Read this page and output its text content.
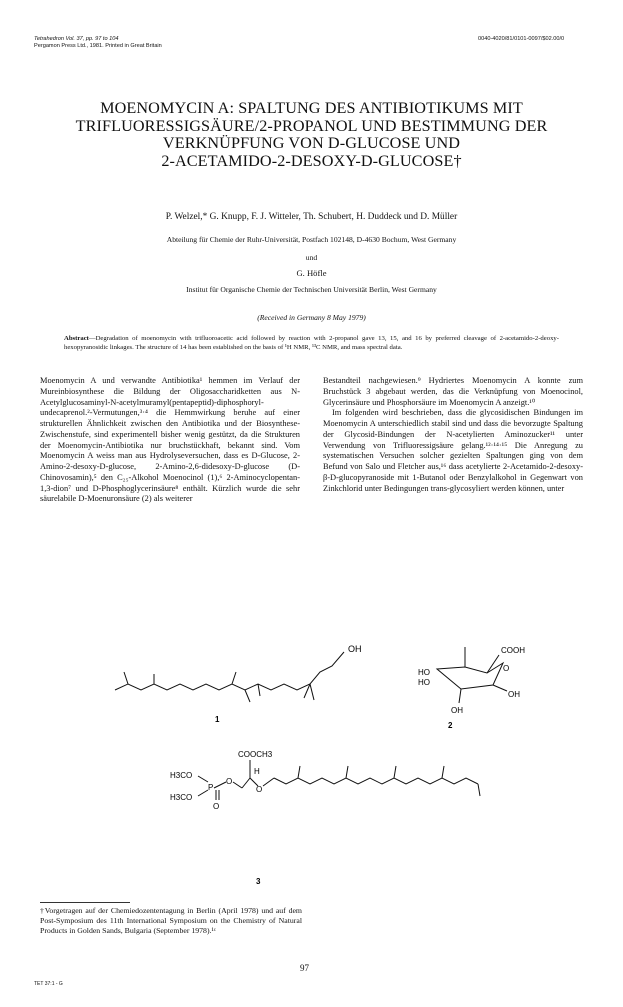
Tetrahedron Vol. 37, pp. 97 to 104
Pergamon Press Ltd., 1981. Printed in Great Britain
0040-4020/81/0101-0097/$02.00/0
MOENOMYCIN A: SPALTUNG DES ANTIBIOTIKUMS MIT
TRIFLUORESSIGSÄURE/2-PROPANOL UND BESTIMMUNG DER
VERKNÜPFUNG VON D-GLUCOSE UND
2-ACETAMIDO-2-DESOXY-D-GLUCOSE†
P. Welzel,* G. Knupp, F. J. Witteler, Th. Schubert, H. Duddeck und D. Müller
Abteilung für Chemie der Ruhr-Universität, Postfach 102148, D-4630 Bochum, West Germany
und
G. Höfle
Institut für Organische Chemie der Technischen Universität Berlin, West Germany
(Received in Germany 8 May 1979)
Abstract—Degradation of moenomycin with trifluoroacetic acid followed by reaction with 2-propanol gave 13, 15, and 16 by preferred cleavage of 2-acetamido-2-deoxy-hexopyranosidic linkages. The structure of 14 has been established on the basis of ¹H NMR, ¹³C NMR, and mass spectral data.

Moenomycin A und verwandte Antibiotika¹ hemmen im Verlauf der Mureinbiosynthese die Bildung der Oligosaccharidketten aus N-Acetylglucosaminyl-N-acetylmuramyl(pentapeptid)-diphosphoryl-undecaprenol.²-Vermutungen,³·⁴ die Hemmwirkung beruhe auf einer strukturellen Ähnlichkeit zwischen den Antibiotika und der Biosynthese-Zwischenstufe, sind experimentell bisher wenig gestützt, da die Strukturen der Moenomycin-Antibiotika nur bruchstückhaft, bekannt sind. Vom Moenomycin A weiss man aus Hydrolyseversuchen, dass es D-Glucose, 2-Amino-2-desoxy-D-glucose, 2-Amino-2,6-didesoxy-D-glucose (D-Chinovosamin),⁵ den C₂₅-Alkohol Moenocinol (1),⁶ 2-Aminocyclopentan-1,3-dion⁷ und D-Phosphoglycerinsäure⁸ enthält. Kürzlich wurde die sehr säurelabile D-Moenuronsäure (2) als weiterer

Bestandteil nachgewiesen.⁹ Hydriertes Moenomycin A konnte zum Bruchstück 3 abgebaut werden, das die Verknüpfung von Moenocinol, Glycerinsäure und Phosphorsäure im Moenomycin A anzeigt.¹⁰

Im folgenden wird beschrieben, dass die glycosidischen Bindungen im Moenomycin A unterschiedlich stabil sind und dass die bevorzugte Spaltung der Glycosid-Bindungen der N-acetylierten Aminozucker¹¹ unter Verwendung von Trifluoressigsäure gelang.¹²·¹⁴·¹⁵ Die Anregung zu systematischen Versuchen solcher gezielten Spaltungen ging von dem Befund von Salo und Fletcher aus,¹⁶ dass acetylierte 2-Acetamido-2-desoxy-β-D-glucopyranoside mit 1-Butanol oder Benzylalkohol in Gegenwart von Zinkchlorid unter Bedingungen trans-glycosyliert werden können, unter

OH
1
COOH
O
HO
HO
OH
OH
2
COOCH3
H3CO
H3CO
P
O
O
O
H
3
†Vorgetragen auf der Chemiedozententagung in Berlin (April 1978) und auf dem Post-Symposium des 11th International Symposium on the Chemistry of Natural Products in Golden Sands, Bulgaria (September 1978).¹ᶜ
97
TET 37:1 - G
